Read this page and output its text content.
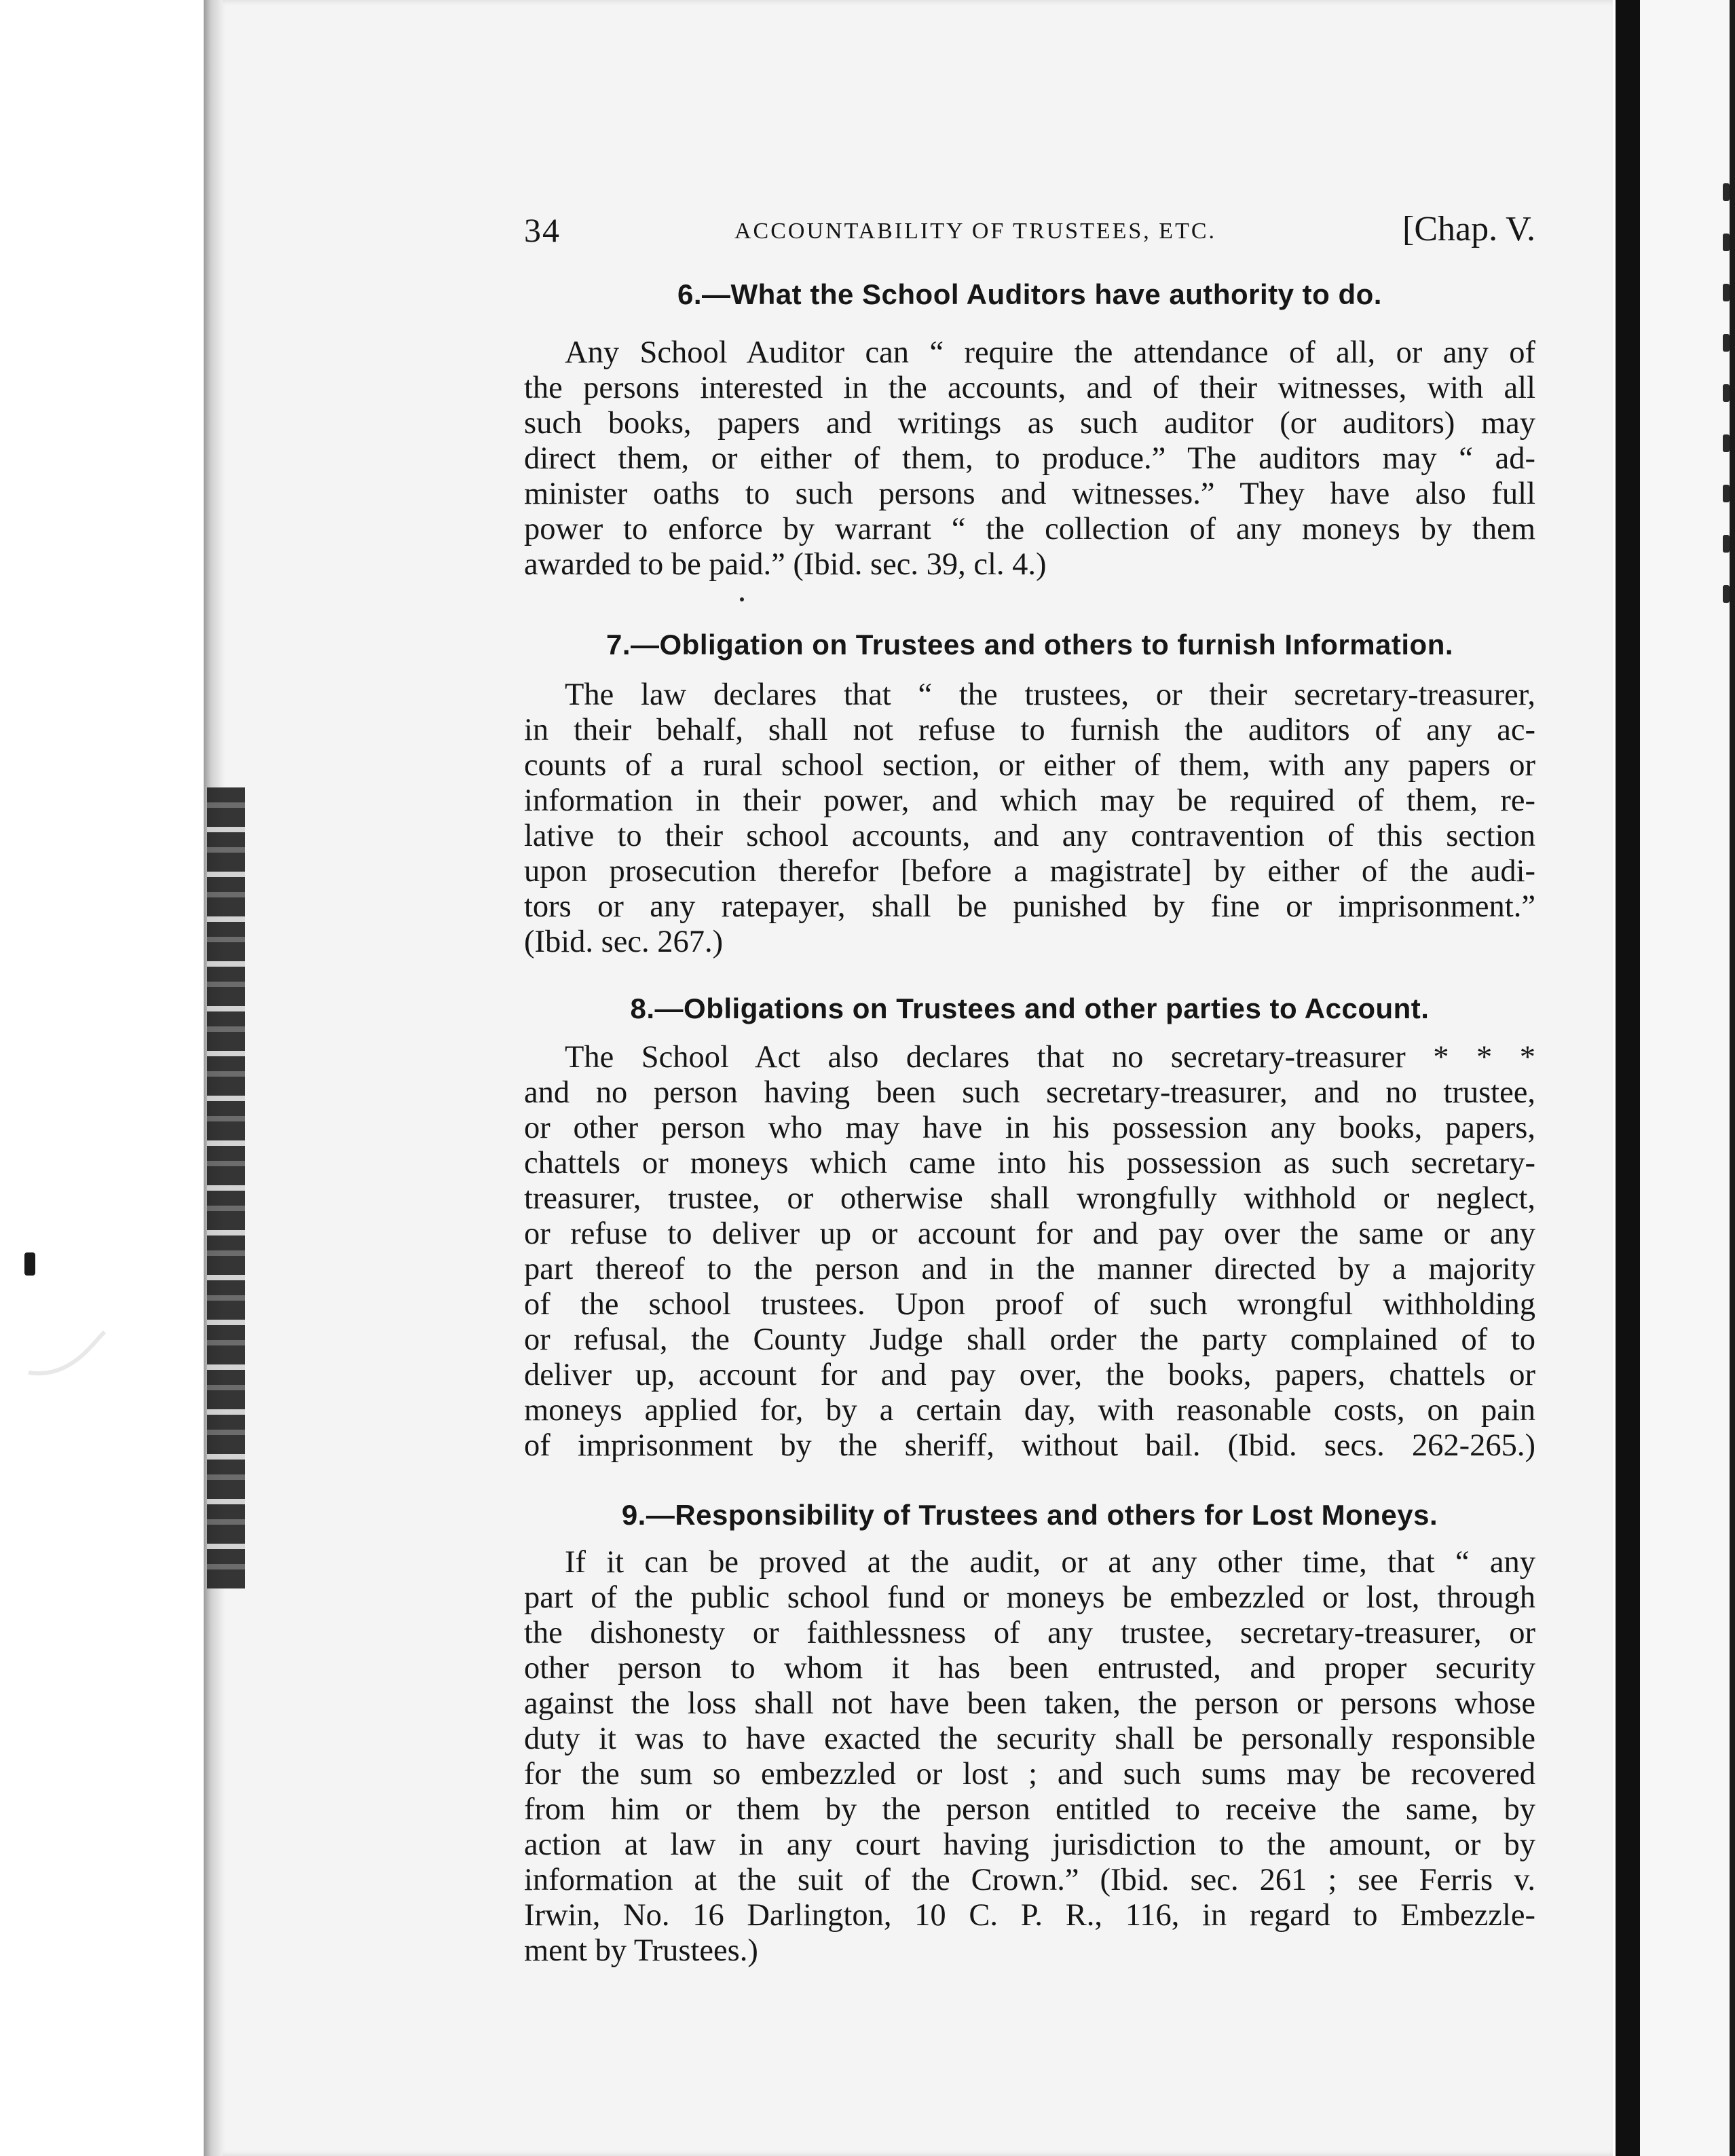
34	ACCOUNTABILITY OF TRUSTEES, ETC.	[Chap. V.
6.—What the School Auditors have authority to do.

Any School Auditor can “ require the attendance of all, or any of
the persons interested in the accounts, and of their witnesses, with all
such books, papers and writings as such auditor (or auditors) may
direct them, or either of them, to produce.” The auditors may “ ad-
minister oaths to such persons and witnesses.” They have also full
power to enforce by warrant “ the collection of any moneys by them
awarded to be paid.” (Ibid. sec. 39, cl. 4.)

7.—Obligation on Trustees and others to furnish Information.

The law declares that “ the trustees, or their secretary-treasurer,
in their behalf, shall not refuse to furnish the auditors of any ac-
counts of a rural school section, or either of them, with any papers or
information in their power, and which may be required of them, re-
lative to their school accounts, and any contravention of this section
upon prosecution therefor [before a magistrate] by either of the audi-
tors or any ratepayer, shall be punished by fine or imprisonment.”
(Ibid. sec. 267.)

8.—Obligations on Trustees and other parties to Account.

The School Act also declares that no secretary-treasurer * * *
and no person having been such secretary-treasurer, and no trustee,
or other person who may have in his possession any books, papers,
chattels or moneys which came into his possession as such secretary-
treasurer, trustee, or otherwise shall wrongfully withhold or neglect,
or refuse to deliver up or account for and pay over the same or any
part thereof to the person and in the manner directed by a majority
of the school trustees. Upon proof of such wrongful withholding
or refusal, the County Judge shall order the party complained of to
deliver up, account for and pay over, the books, papers, chattels or
moneys applied for, by a certain day, with reasonable costs, on pain
of imprisonment by the sheriff, without bail. (Ibid. secs. 262-265.)

9.—Responsibility of Trustees and others for Lost Moneys.

If it can be proved at the audit, or at any other time, that “ any
part of the public school fund or moneys be embezzled or lost, through
the dishonesty or faithlessness of any trustee, secretary-treasurer, or
other person to whom it has been entrusted, and proper security
against the loss shall not have been taken, the person or persons whose
duty it was to have exacted the security shall be personally responsible
for the sum so embezzled or lost ; and such sums may be recovered
from him or them by the person entitled to receive the same, by
action at law in any court having jurisdiction to the amount, or by
information at the suit of the Crown.” (Ibid. sec. 261 ; see Ferris v.
Irwin, No. 16 Darlington, 10 C. P. R., 116, in regard to Embezzle-
ment by Trustees.)
